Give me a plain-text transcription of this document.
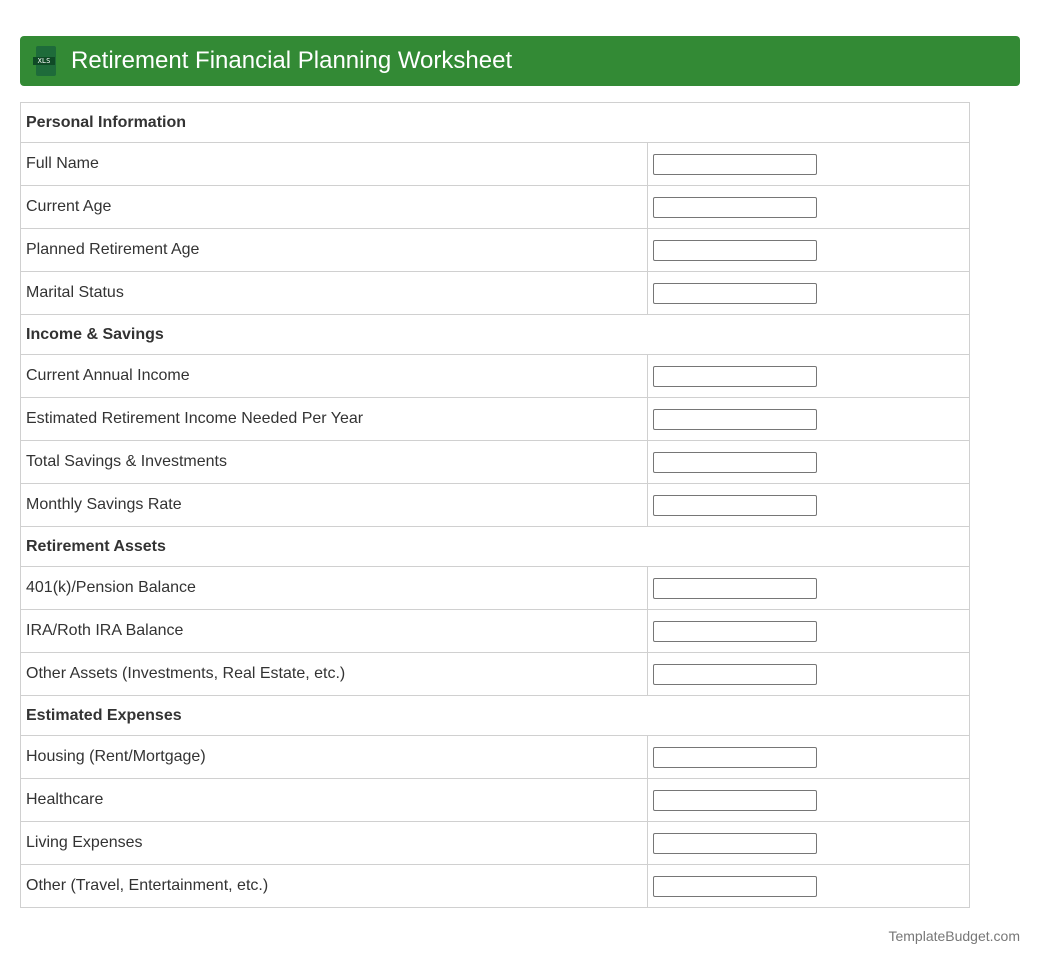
XLS Retirement Financial Planning Worksheet
Personal Information	
Full Name	

Current Age	

Planned Retirement Age	

Marital Status	

Income & Savings	
Current Annual Income	

Estimated Retirement Income Needed Per Year	

Total Savings & Investments	

Monthly Savings Rate	

Retirement Assets	
401(k)/Pension Balance	

IRA/Roth IRA Balance	

Other Assets (Investments, Real Estate, etc.)	

Estimated Expenses	
Housing (Rent/Mortgage)	

Healthcare	

Living Expenses	

Other (Travel, Entertainment, etc.)	
TemplateBudget.com
